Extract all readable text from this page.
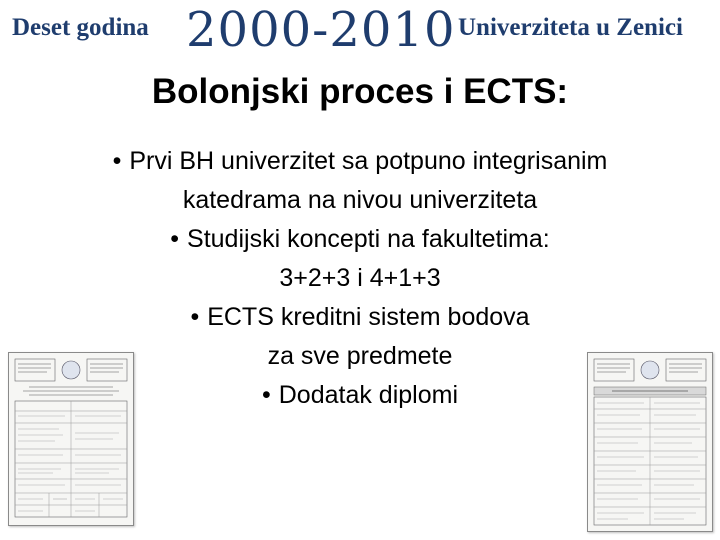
Deset godina 2000-2010 Univerziteta u Zenici
Bolonjski proces i ECTS:
• Prvi BH univerzitet sa potpuno integrisanim
katedrama na nivou univerziteta
• Studijski koncepti na fakultetima:
3+2+3 i 4+1+3
• ECTS kreditni sistem bodova
za sve predmete
• Dodatak diplomi
